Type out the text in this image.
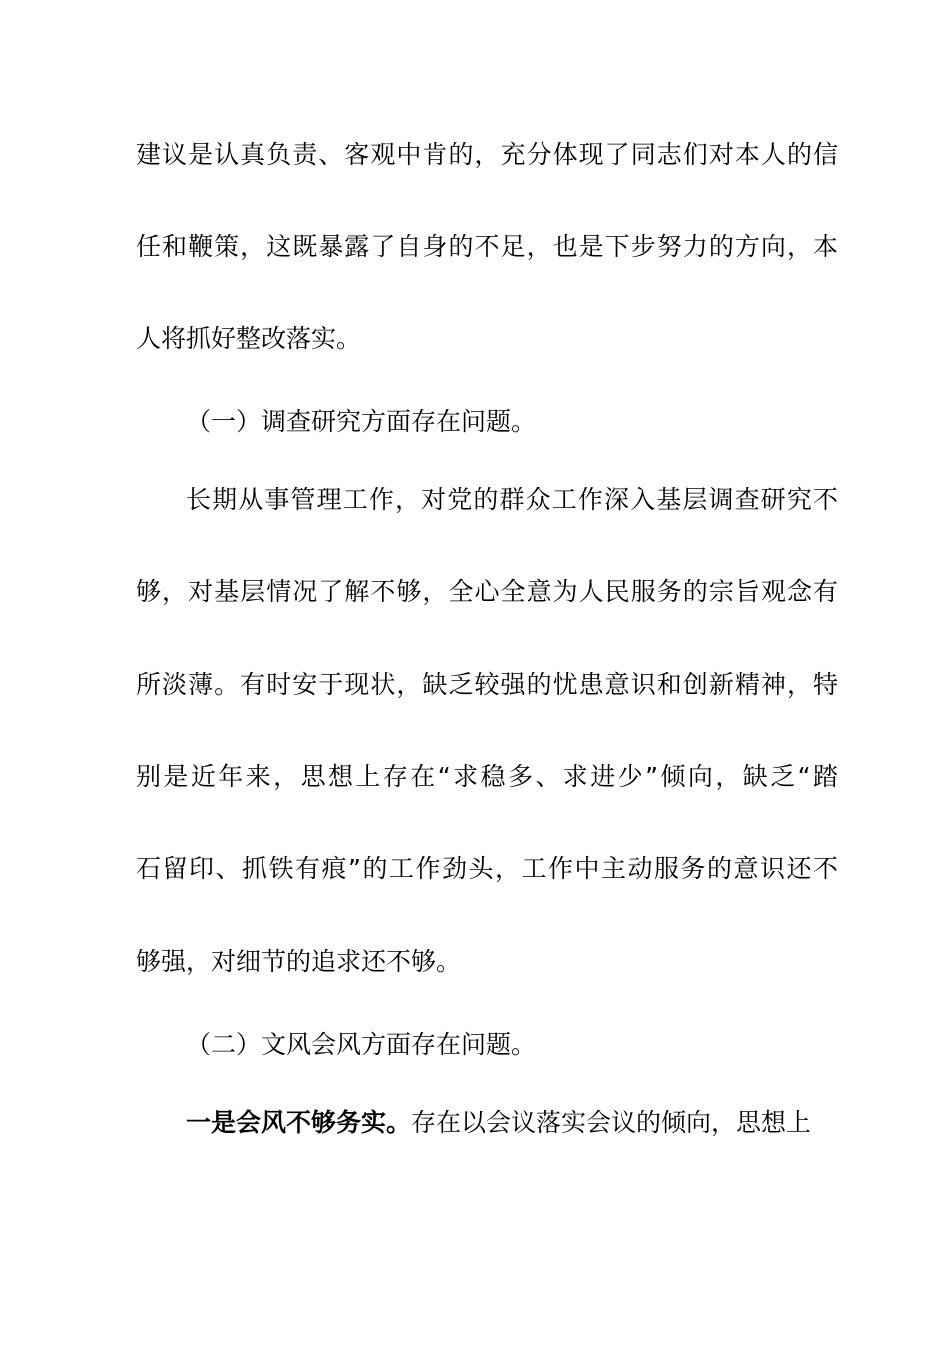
建议是认真负责、客观中肯的，充分体现了同志们对本人的信
任和鞭策，这既暴露了自身的不足，也是下步努力的方向，本
人将抓好整改落实。
（一）调查研究方面存在问题。
长期从事管理工作，对党的群众工作深入基层调查研究不
够，对基层情况了解不够，全心全意为人民服务的宗旨观念有
所淡薄。有时安于现状，缺乏较强的忧患意识和创新精神，特
别是近年来，思想上存在“求稳多、求进少”倾向，缺乏“踏
石留印、抓铁有痕”的工作劲头，工作中主动服务的意识还不
够强，对细节的追求还不够。
（二）文风会风方面存在问题。
一是会风不够务实。存在以会议落实会议的倾向，思想上
